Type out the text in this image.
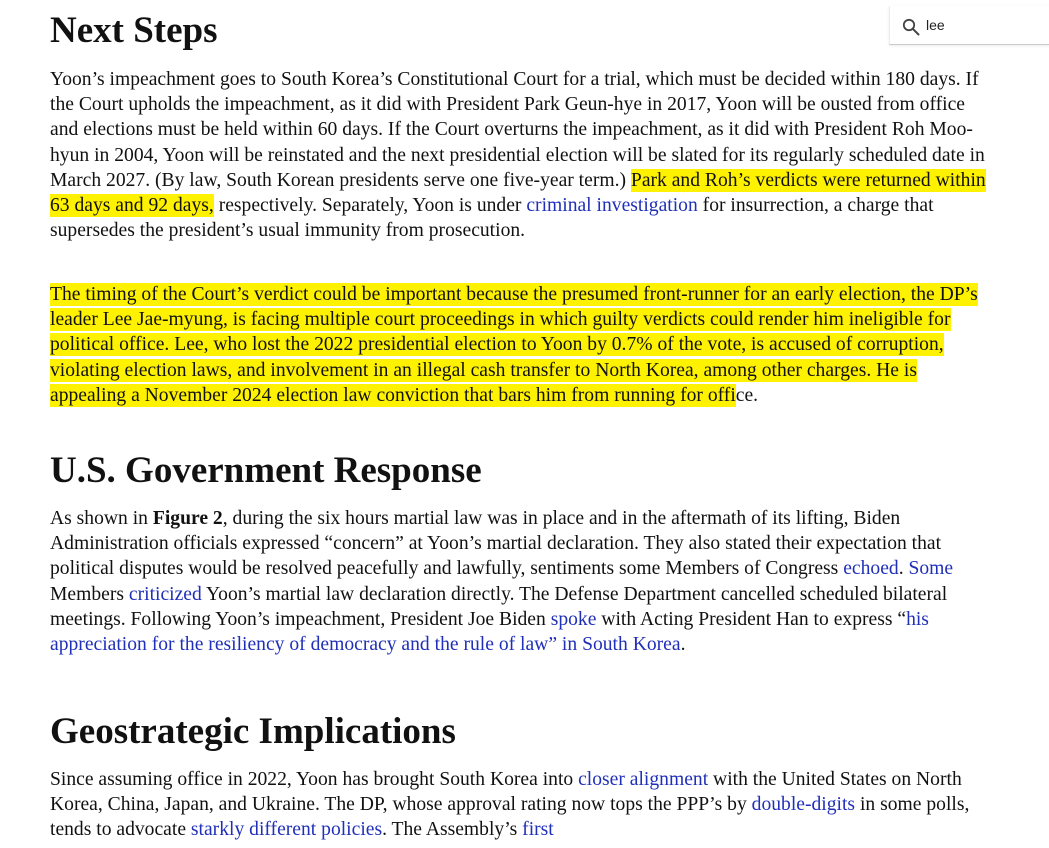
Next Steps

Yoon’s impeachment goes to South Korea’s Constitutional Court for a trial, which must be decided within 180 days. If the Court upholds the impeachment, as it did with President Park Geun-hye in 2017, Yoon will be ousted from office and elections must be held within 60 days. If the Court overturns the impeachment, as it did with President Roh Moo-hyun in 2004, Yoon will be reinstated and the next presidential election will be slated for its regularly scheduled date in March 2027. (By law, South Korean presidents serve one five-year term.) Park and Roh’s verdicts were returned within 63 days and 92 days, respectively. Separately, Yoon is under criminal investigation for insurrection, a charge that supersedes the president’s usual immunity from prosecution.

The timing of the Court’s verdict could be important because the presumed front-runner for an early election, the DP’s leader Lee Jae-myung, is facing multiple court proceedings in which guilty verdicts could render him ineligible for political office. Lee, who lost the 2022 presidential election to Yoon by 0.7% of the vote, is accused of corruption, violating election laws, and involvement in an illegal cash transfer to North Korea, among other charges. He is appealing a November 2024 election law conviction that bars him from running for office.

U.S. Government Response

As shown in Figure 2, during the six hours martial law was in place and in the aftermath of its lifting, Biden Administration officials expressed “concern” at Yoon’s martial declaration. They also stated their expectation that political disputes would be resolved peacefully and lawfully, sentiments some Members of Congress echoed. Some Members criticized Yoon’s martial law declaration directly. The Defense Department cancelled scheduled bilateral meetings. Following Yoon’s impeachment, President Joe Biden spoke with Acting President Han to express “his appreciation for the resiliency of democracy and the rule of law” in South Korea.

Geostrategic Implications

Since assuming office in 2022, Yoon has brought South Korea into closer alignment with the United States on North Korea, China, Japan, and Ukraine. The DP, whose approval rating now tops the PPP’s by double-digits in some polls, tends to advocate starkly different policies. The Assembly’s first

lee
